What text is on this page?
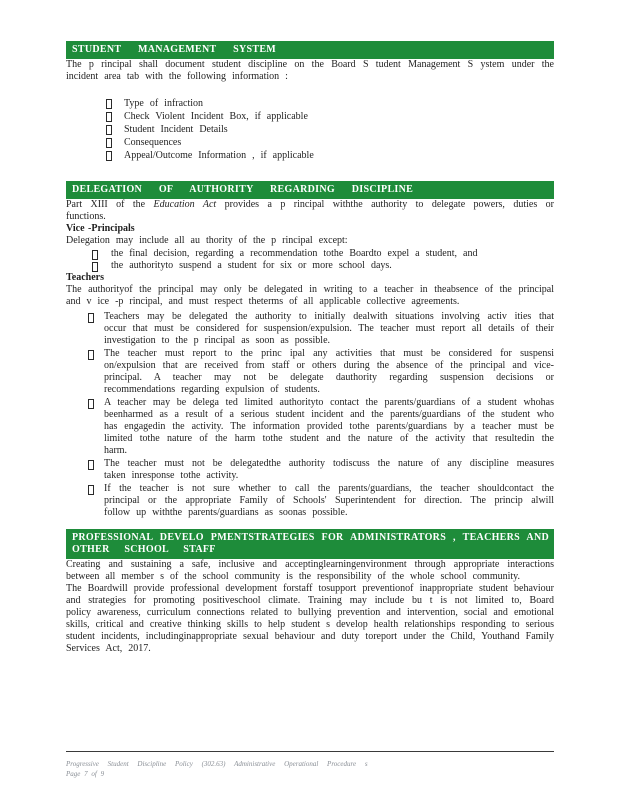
STUDENT MANAGEMENT SYSTEM

The p rincipal shall document student discipline on the Board S tudent Management S ystem under the incident area tab with the following information :

Type of infraction
Check Violent Incident Box, if applicable
Student Incident Details
Consequences
Appeal/Outcome Information , if applicable
DELEGATION OF AUTHORITY REGARDING DISCIPLINE

Part XIII of the Education Act provides a p rincipal withthe authority to delegate powers, duties or functions.

Vice -Principals

Delegation may include all au thority of the p rincipal except:

the final decision, regarding a recommendation tothe Boardto expel a student, and
the authorityto suspend a student for six or more school days.
Teachers

The authorityof the principal may only be delegated in writing to a teacher in theabsence of the principal and v ice -p rincipal, and must respect theterms of all applicable collective agreements.

Teachers may be delegated the authority to initially dealwith situations involving activ ities that occur that must be considered for suspension/expulsion. The teacher must report all details of their investigation to the p rincipal as soon as possible.
The teacher must report to the princ ipal any activities that must be considered for suspensi on/expulsion that are received from staff or others during the absence of the principal and vice-principal. A teacher may not be delegate dauthority regarding suspension decisions or recommendations regarding expulsion of students.
A teacher may be delega ted limited authorityto contact the parents/guardians of a student whohas beenharmed as a result of a serious student incident and the parents/guardians of the student who has engagedin the activity. The information provided tothe parents/guardians by a teacher must be limited tothe nature of the harm tothe student and the nature of the activity that resultedin the harm.
The teacher must not be delegatedthe authority todiscuss the nature of any discipline measures taken inresponse tothe activity.
If the teacher is not sure whether to call the parents/guardians, the teacher shouldcontact the principal or the appropriate Family of Schools' Superintendent for direction. The princip alwill follow up withthe parents/guardians as soonas possible.
PROFESSIONAL DEVELO PMENTSTRATEGIES FOR ADMINISTRATORS , TEACHERS AND
OTHER SCHOOL STAFF

Creating and sustaining a safe, inclusive and acceptinglearningenvironment through appropriate interactions between all member s of the school community is the responsibility of the whole school community.

The Boardwill provide professional development forstaff tosupport preventionof inappropriate student behaviour and strategies for promoting positiveschool climate. Training may include bu t is not limited to, Board policy awareness, curriculum connections related to bullying prevention and intervention, social and emotional skills, critical and creative thinking skills to help student s develop health relationships responding to serious student incidents, includinginappropriate sexual behaviour and duty toreport under the Child, Youthand Family Services Act, 2017.

Progressive Student Discipline Policy (302.63) Administrative Operational Procedure s
Page 7 of 9
